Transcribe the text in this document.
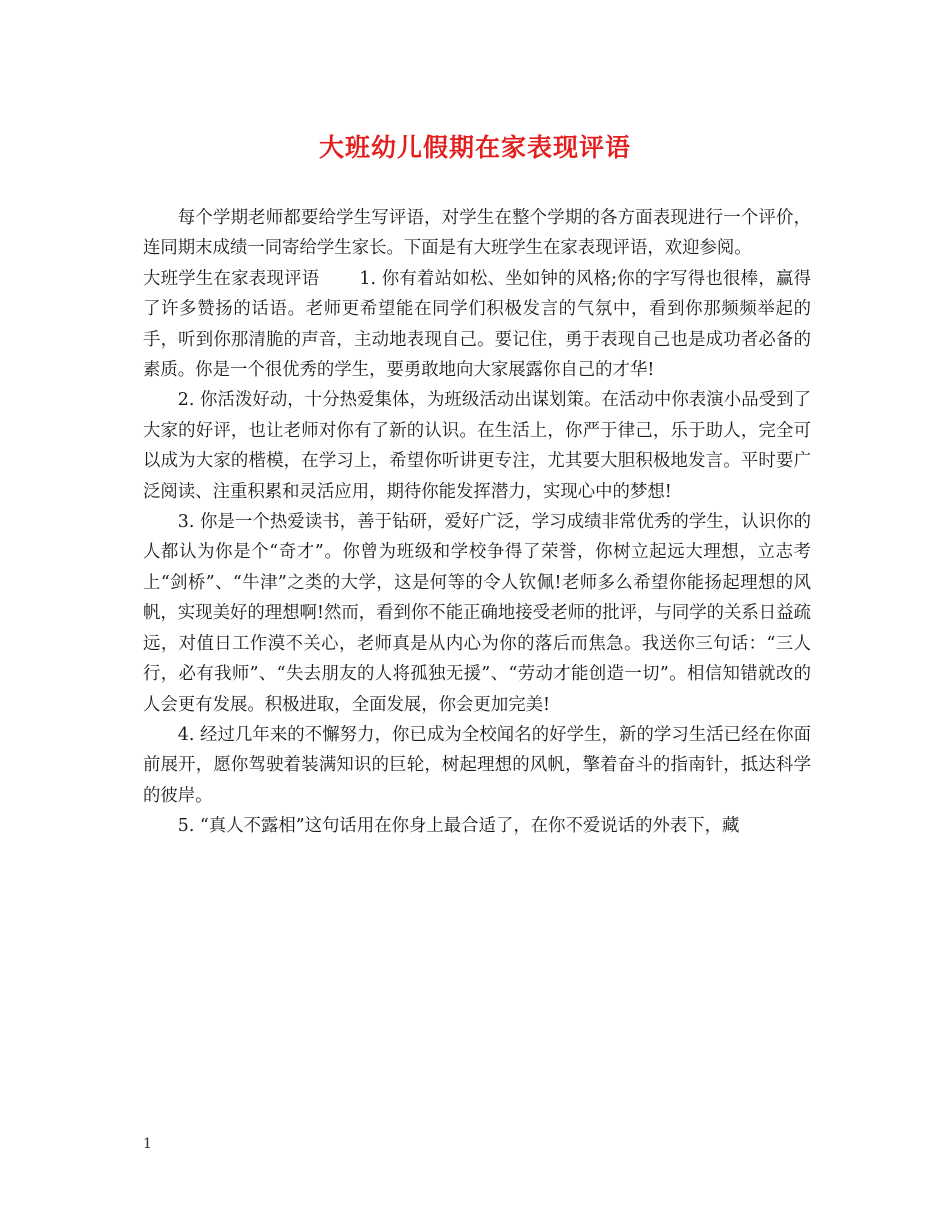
大班幼儿假期在家表现评语

每个学期老师都要给学生写评语，对学生在整个学期的各方面表现进行一个评价，连同期末成绩一同寄给学生家长。下面是有大班学生在家表现评语，欢迎参阅。

大班学生在家表现评语 1. 你有着站如松、坐如钟的风格;你的字写得也很棒，赢得了许多赞扬的话语。老师更希望能在同学们积极发言的气氛中，看到你那频频举起的手，听到你那清脆的声音，主动地表现自己。要记住，勇于表现自己也是成功者必备的素质。你是一个很优秀的学生，要勇敢地向大家展露你自己的才华!

2. 你活泼好动，十分热爱集体，为班级活动出谋划策。在活动中你表演小品受到了大家的好评，也让老师对你有了新的认识。在生活上，你严于律己，乐于助人，完全可以成为大家的楷模，在学习上，希望你听讲更专注，尤其要大胆积极地发言。平时要广泛阅读、注重积累和灵活应用，期待你能发挥潜力，实现心中的梦想!

3. 你是一个热爱读书，善于钻研，爱好广泛，学习成绩非常优秀的学生，认识你的人都认为你是个“奇才”。你曾为班级和学校争得了荣誉，你树立起远大理想，立志考上“剑桥”、“牛津”之类的大学，这是何等的令人钦佩!老师多么希望你能扬起理想的风帆，实现美好的理想啊!然而，看到你不能正确地接受老师的批评，与同学的关系日益疏远，对值日工作漠不关心，老师真是从内心为你的落后而焦急。我送你三句话：“三人行，必有我师”、“失去朋友的人将孤独无援”、“劳动才能创造一切”。相信知错就改的人会更有发展。积极进取，全面发展，你会更加完美!

4. 经过几年来的不懈努力，你已成为全校闻名的好学生，新的学习生活已经在你面前展开，愿你驾驶着装满知识的巨轮，树起理想的风帆，擎着奋斗的指南针，抵达科学的彼岸。

5. “真人不露相”这句话用在你身上最合适了，在你不爱说话的外表下，藏

1
